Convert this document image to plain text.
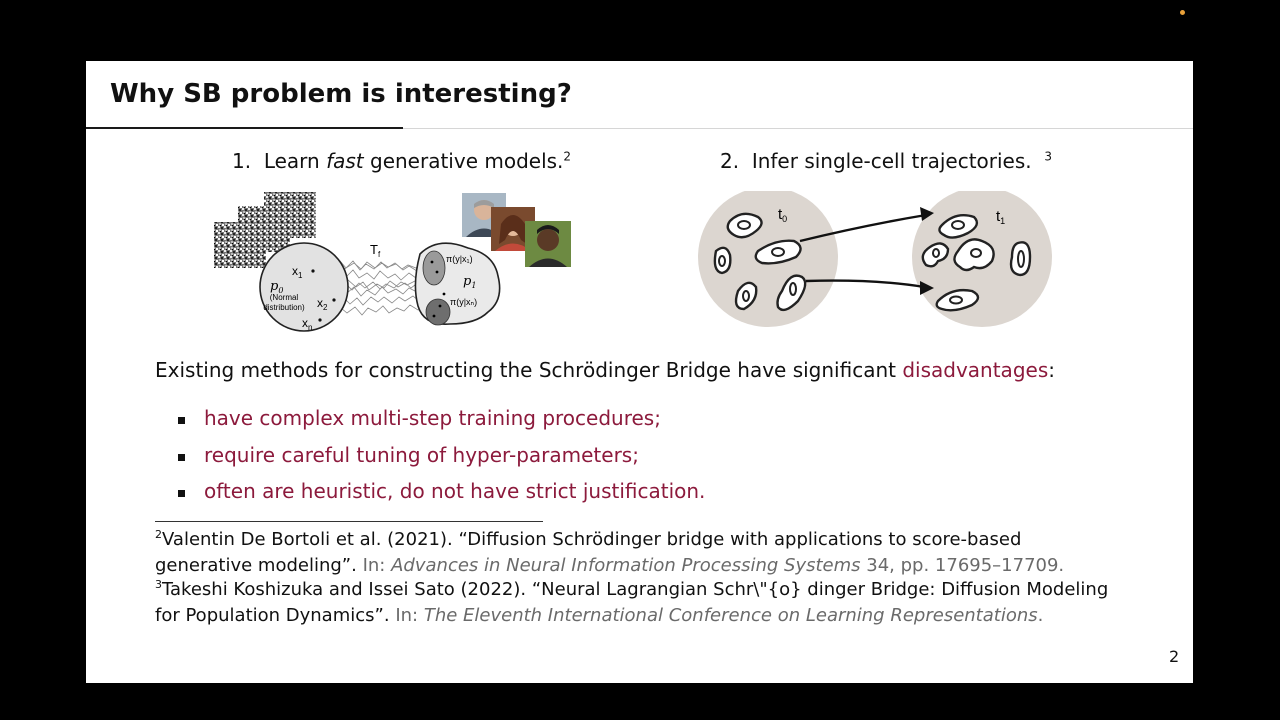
Why SB problem is interesting?
1. Learn fast generative models.$^2$	2. Infer single-cell trajectories. $^3$
$x_1$
$p_0$
$x_2$
(Normal
distribution)
$x_n$
$T_f$	π(y|x₁)
$p_1$
π(y|xₙ)
$t_0$	$t_1$
Existing methods for constructing the Schrödinger Bridge have significant disadvantages:
have complex multi-step training procedures;
require careful tuning of hyper-parameters;
often are heuristic, do not have strict justification.
$^2$Valentin De Bortoli et al. (2021). “Diffusion Schrödinger bridge with applications to score-based generative modeling”. In: Advances in Neural Information Processing Systems 34, pp. 17695–17709.
$^3$Takeshi Koshizuka and Issei Sato (2022). “Neural Lagrangian Schr\"{o} dinger Bridge: Diffusion Modeling for Population Dynamics”. In: The Eleventh International Conference on Learning Representations.
2
